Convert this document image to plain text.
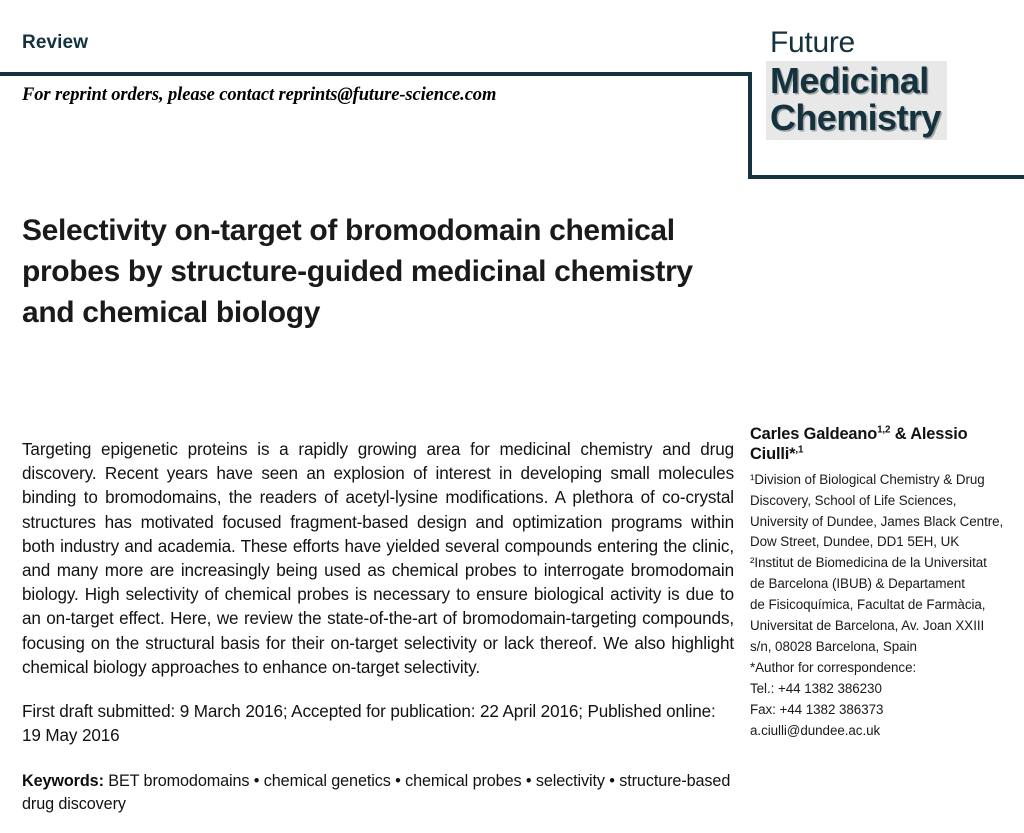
Review
For reprint orders, please contact reprints@future-science.com
Future
Medicinal
Chemistry
Selectivity on-target of bromodomain chemical probes by structure-guided medicinal chemistry and chemical biology

Targeting epigenetic proteins is a rapidly growing area for medicinal chemistry and drug discovery. Recent years have seen an explosion of interest in developing small molecules binding to bromodomains, the readers of acetyl-lysine modifications. A plethora of co-crystal structures has motivated focused fragment-based design and optimization programs within both industry and academia. These efforts have yielded several compounds entering the clinic, and many more are increasingly being used as chemical probes to interrogate bromodomain biology. High selectivity of chemical probes is necessary to ensure biological activity is due to an on-target effect. Here, we review the state-of-the-art of bromodomain-targeting compounds, focusing on the structural basis for their on-target selectivity or lack thereof. We also highlight chemical biology approaches to enhance on-target selectivity.

First draft submitted: 9 March 2016; Accepted for publication: 22 April 2016; Published online: 19 May 2016

Keywords: BET bromodomains • chemical genetics • chemical probes • selectivity • structure-based drug discovery

Carles Galdeano$^{1,2}$ & Alessio Ciulli*$^{,1}$
¹Division of Biological Chemistry & Drug
Discovery, School of Life Sciences,
University of Dundee, James Black Centre,
Dow Street, Dundee, DD1 5EH, UK
²Institut de Biomedicina de la Universitat
de Barcelona (IBUB) & Departament
de Fisicoquímica, Facultat de Farmàcia,
Universitat de Barcelona, Av. Joan XXIII
s/n, 08028 Barcelona, Spain
*Author for correspondence:
Tel.: +44 1382 386230
Fax: +44 1382 386373
a.ciulli@dundee.ac.uk
